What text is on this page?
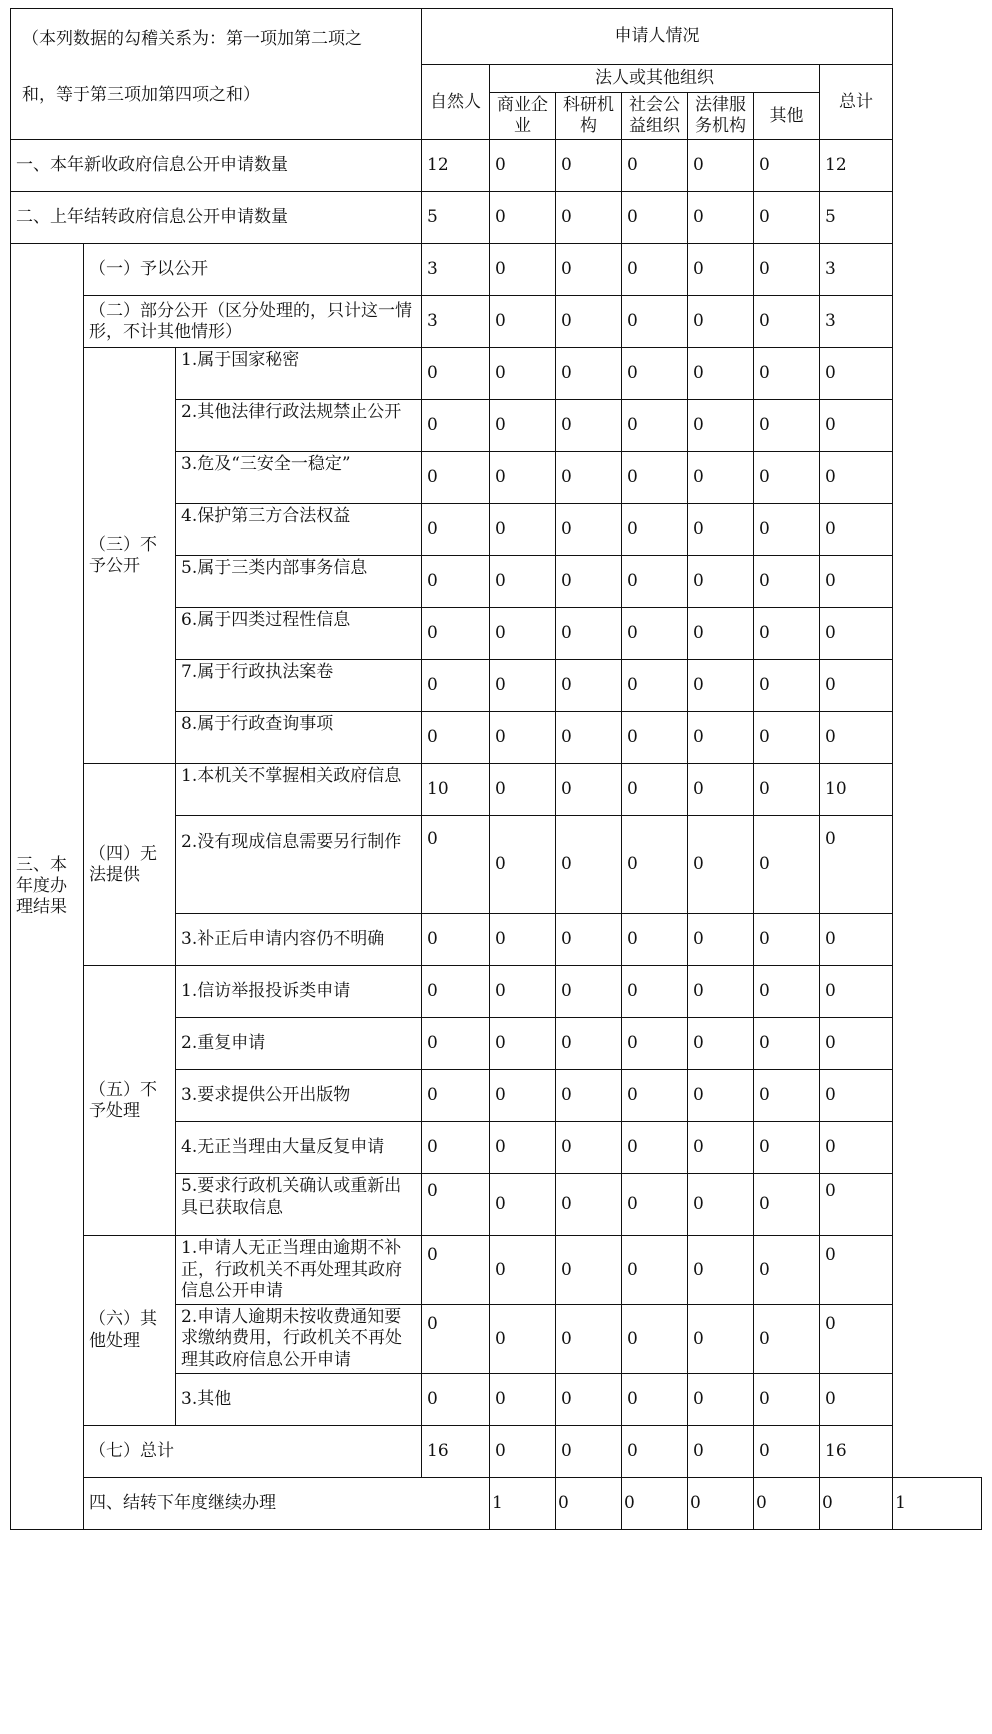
（本列数据的勾稽关系为：第一项加第二项之
和，等于第三项加第四项之和）			申请人情况							
			自然人	法人或其他组织					总计	
				商业企业	科研机构	社会公益组织	法律服务机构	其他		
一、本年新收政府信息公开申请数量			12	0	0	0	0	0	12	
二、上年结转政府信息公开申请数量			5	0	0	0	0	0	5	
三、本年度办理结果	（一）予以公开		3	0	0	0	0	0	3	
	（二）部分公开（区分处理的，只计这一情形，不计其他情形）		3	0	0	0	0	0	3	
	（三）不予公开	1.属于国家秘密	0	0	0	0	0	0	0	
		2.其他法律行政法规禁止公开	0	0	0	0	0	0	0	
		3.危及“三安全一稳定”	0	0	0	0	0	0	0	
		4.保护第三方合法权益	0	0	0	0	0	0	0	
		5.属于三类内部事务信息	0	0	0	0	0	0	0	
		6.属于四类过程性信息	0	0	0	0	0	0	0	
		7.属于行政执法案卷	0	0	0	0	0	0	0	
		8.属于行政查询事项	0	0	0	0	0	0	0	
	（四）无法提供	1.本机关不掌握相关政府信息	10	0	0	0	0	0	10	
		2.没有现成信息需要另行制作	0	0	0	0	0	0	0	
		3.补正后申请内容仍不明确	0	0	0	0	0	0	0	
	（五）不予处理	1.信访举报投诉类申请	0	0	0	0	0	0	0	
		2.重复申请	0	0	0	0	0	0	0	
		3.要求提供公开出版物	0	0	0	0	0	0	0	
		4.无正当理由大量反复申请	0	0	0	0	0	0	0	
		5.要求行政机关确认或重新出具已获取信息	0	0	0	0	0	0	0	
	（六）其他处理	1.申请人无正当理由逾期不补正，行政机关不再处理其政府信息公开申请	0	0	0	0	0	0	0	
		2.申请人逾期未按收费通知要求缴纳费用，行政机关不再处理其政府信息公开申请	0	0	0	0	0	0	0	
		3.其他	0	0	0	0	0	0	0	
	（七）总计		16	0	0	0	0	0	16	
	四、结转下年度继续办理			1	0	0	0	0	0	1
